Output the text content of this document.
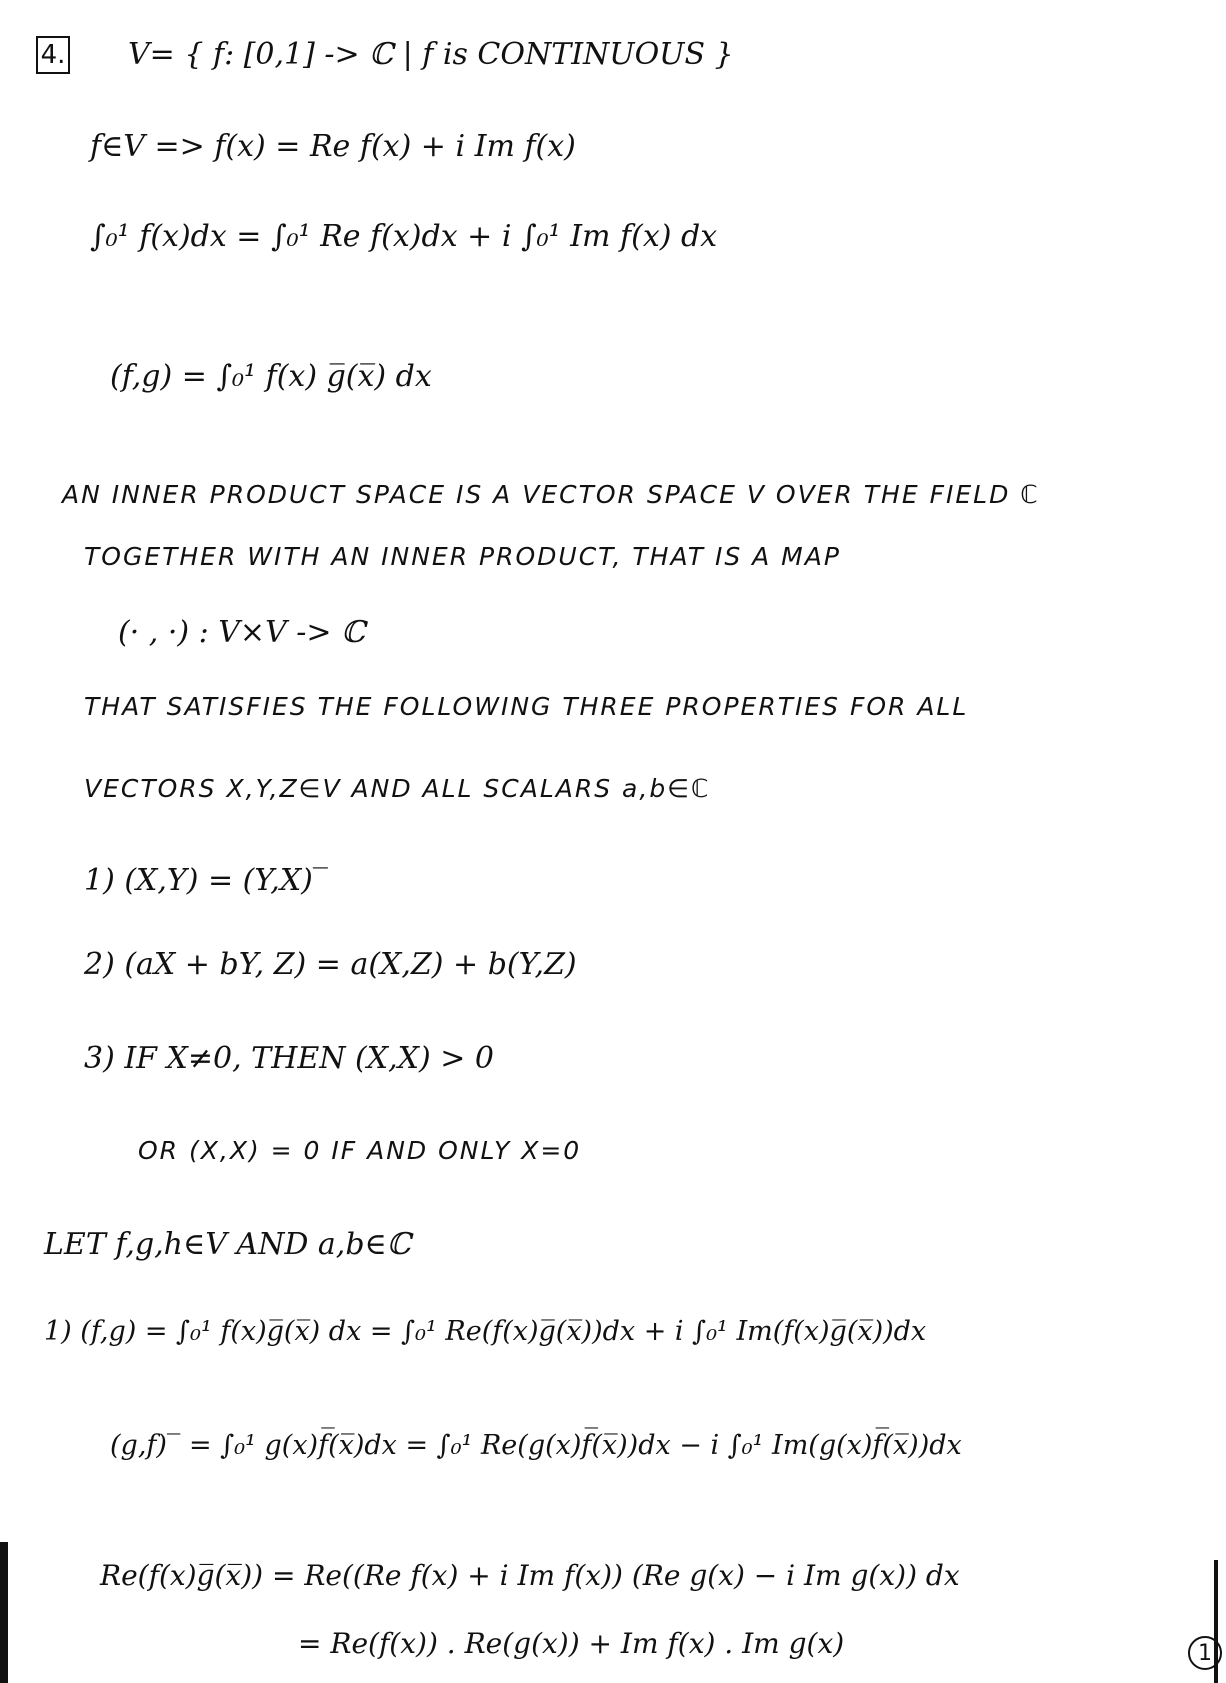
4. V= { f: [0,1] -> ℂ | f is CONTINUOUS }
f∈V => f(x) = Re f(x) + i Im f(x)
∫₀¹ f(x)dx = ∫₀¹ Re f(x)dx + i ∫₀¹ Im f(x) dx
(f,g) = ∫₀¹ f(x) g̅(x̅) dx
AN INNER PRODUCT SPACE IS A VECTOR SPACE V OVER THE FIELD ℂ
TOGETHER WITH AN INNER PRODUCT, THAT IS A MAP
(· , ·) : V×V -> ℂ
THAT SATISFIES THE FOLLOWING THREE PROPERTIES FOR ALL
VECTORS X,Y,Z∈V AND ALL SCALARS a,b∈ℂ
1) (X,Y) = (Y,X)‾
2) (aX + bY, Z) = a(X,Z) + b(Y,Z)
3) IF X≠0, THEN (X,X) > 0
OR (X,X) = 0 IF AND ONLY X=0
LET f,g,h∈V AND a,b∈ℂ
1) (f,g) = ∫₀¹ f(x)g̅(x̅) dx = ∫₀¹ Re(f(x)g̅(x̅))dx + i ∫₀¹ Im(f(x)g̅(x̅))dx
(g,f)‾ = ∫₀¹ g(x)f̅(x̅)dx = ∫₀¹ Re(g(x)f̅(x̅))dx − i ∫₀¹ Im(g(x)f̅(x̅))dx
Re(f(x)g̅(x̅)) = Re((Re f(x) + i Im f(x)) (Re g(x) − i Im g(x)) dx
= Re(f(x)) . Re(g(x)) + Im f(x) . Im g(x)	1
